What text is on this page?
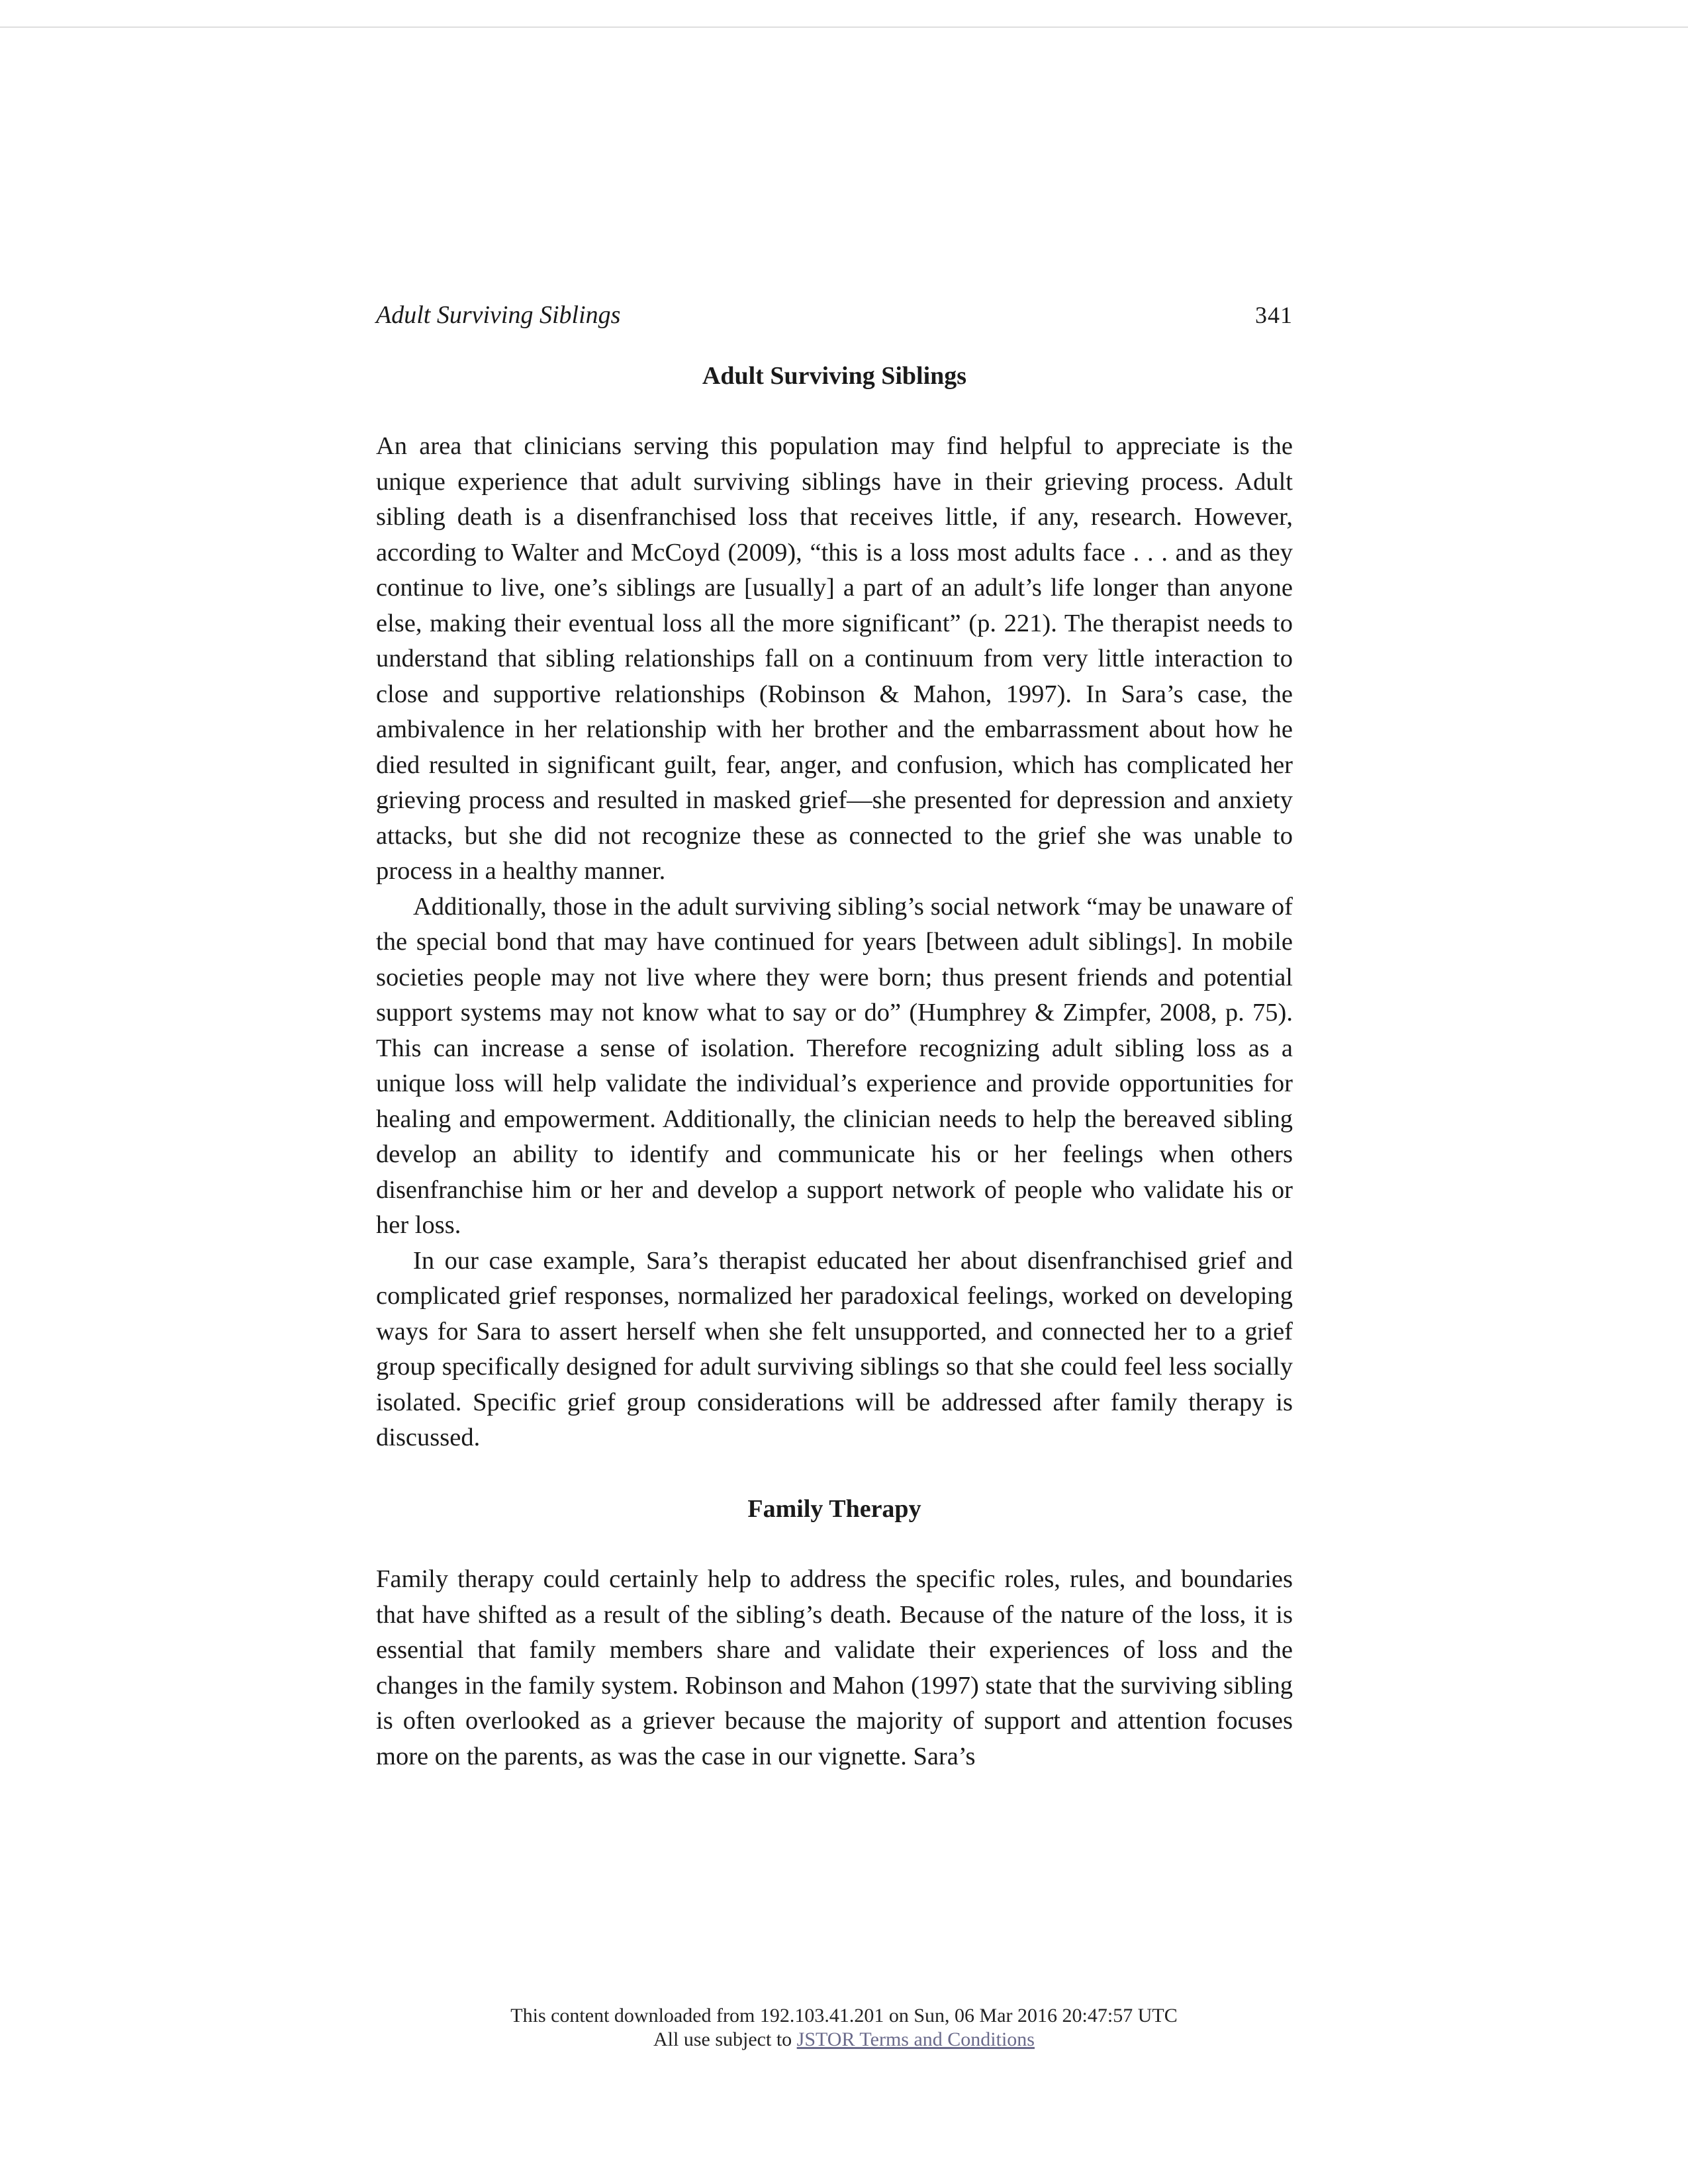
Adult Surviving Siblings	341
Adult Surviving Siblings

An area that clinicians serving this population may find helpful to appreciate is the unique experience that adult surviving siblings have in their grieving process. Adult sibling death is a disenfranchised loss that receives little, if any, research. However, according to Walter and McCoyd (2009), “this is a loss most adults face . . . and as they continue to live, one’s siblings are [usually] a part of an adult’s life longer than anyone else, making their eventual loss all the more significant” (p. 221). The therapist needs to understand that sibling relationships fall on a continuum from very little interaction to close and supportive relationships (Robinson & Mahon, 1997). In Sara’s case, the ambivalence in her relationship with her brother and the embarrassment about how he died resulted in significant guilt, fear, anger, and confusion, which has complicated her grieving process and resulted in masked grief—she presented for depression and anxiety attacks, but she did not recognize these as connected to the grief she was unable to process in a healthy manner.

Additionally, those in the adult surviving sibling’s social network “may be unaware of the special bond that may have continued for years [between adult siblings]. In mobile societies people may not live where they were born; thus present friends and potential support systems may not know what to say or do” (Humphrey & Zimpfer, 2008, p. 75). This can increase a sense of isolation. Therefore recognizing adult sibling loss as a unique loss will help validate the individual’s experience and provide opportunities for healing and empowerment. Additionally, the clinician needs to help the bereaved sibling develop an ability to identify and communicate his or her feelings when others disenfranchise him or her and develop a support network of people who validate his or her loss.

In our case example, Sara’s therapist educated her about disenfranchised grief and complicated grief responses, normalized her paradoxical feelings, worked on developing ways for Sara to assert herself when she felt unsupported, and connected her to a grief group specifically designed for adult surviving siblings so that she could feel less socially isolated. Specific grief group considerations will be addressed after family therapy is discussed.

Family Therapy

Family therapy could certainly help to address the specific roles, rules, and boundaries that have shifted as a result of the sibling’s death. Because of the nature of the loss, it is essential that family members share and validate their experiences of loss and the changes in the family system. Robinson and Mahon (1997) state that the surviving sibling is often overlooked as a griever because the majority of support and attention focuses more on the parents, as was the case in our vignette. Sara’s

This content downloaded from 192.103.41.201 on Sun, 06 Mar 2016 20:47:57 UTC
All use subject to JSTOR Terms and Conditions
